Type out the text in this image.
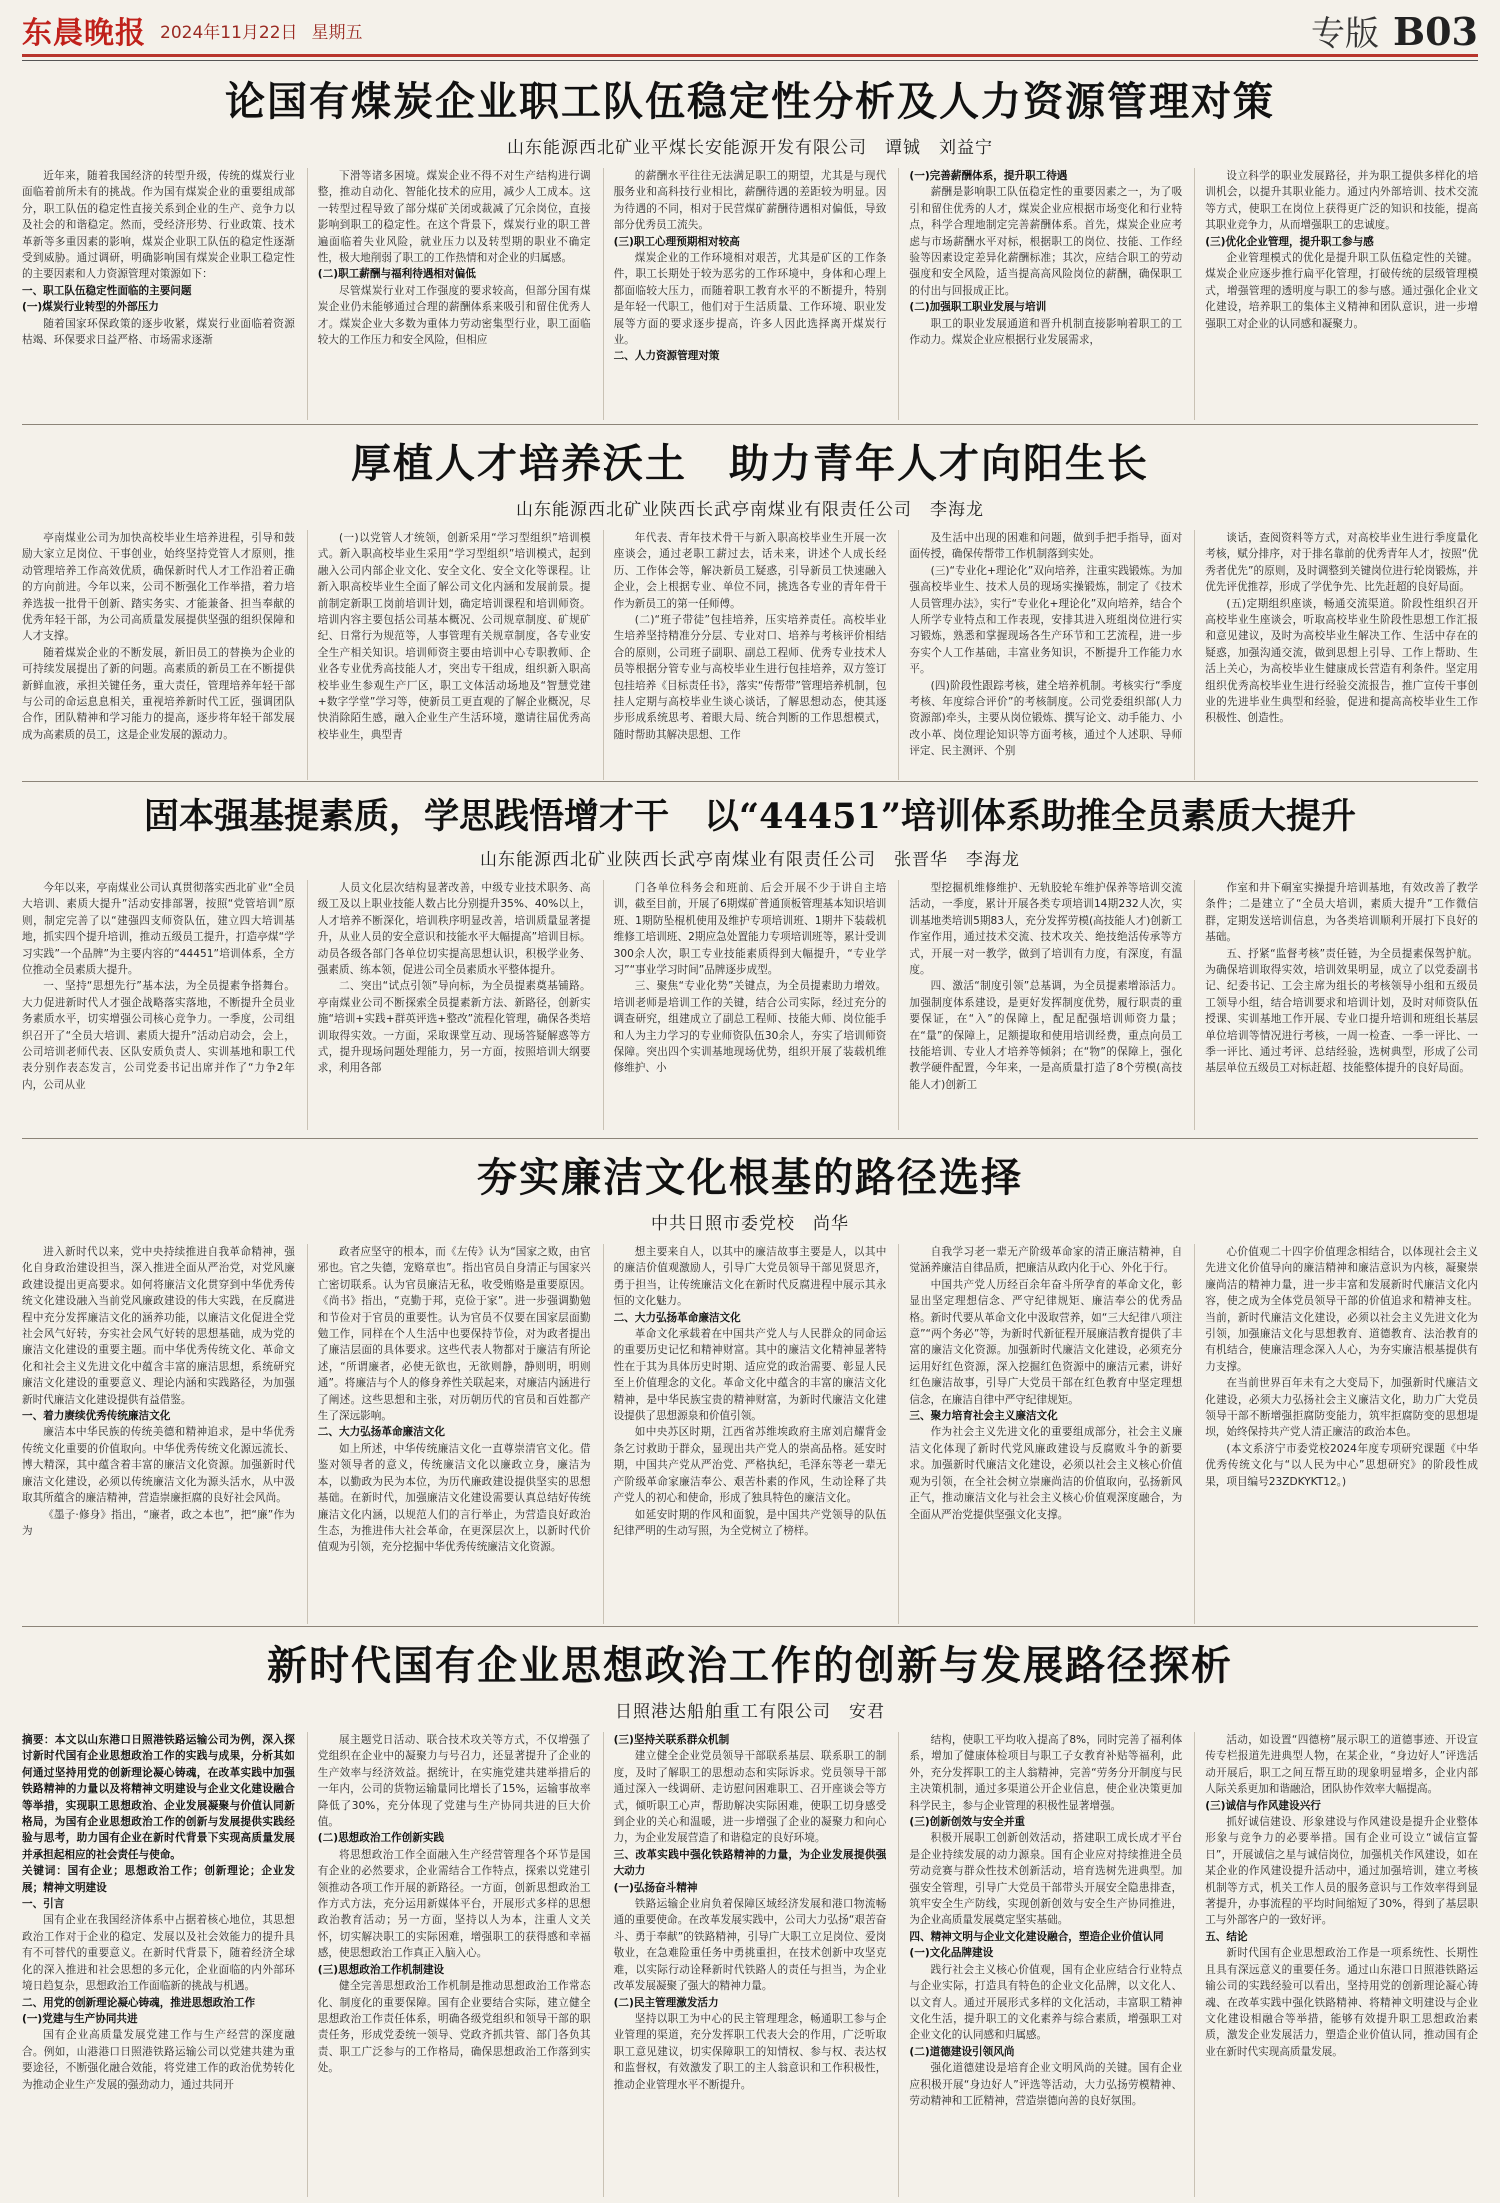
东晨晚报 2024年11月22日 星期五	专版 B03
论国有煤炭企业职工队伍稳定性分析及人力资源管理对策
山东能源西北矿业平煤长安能源开发有限公司　谭铖　刘益宁

近年来，随着我国经济的转型升级，传统的煤炭行业面临着前所未有的挑战。作为国有煤炭企业的重要组成部分，职工队伍的稳定性直接关系到企业的生产、竞争力以及社会的和谐稳定。然而，受经济形势、行业政策、技术革新等多重因素的影响，煤炭企业职工队伍的稳定性逐渐受到威胁。通过调研，明确影响国有煤炭企业职工稳定性的主要因素和人力资源管理对策源如下：

一、职工队伍稳定性面临的主要问题

(一)煤炭行业转型的外部压力

随着国家环保政策的逐步收紧，煤炭行业面临着资源枯竭、环保要求日益严格、市场需求逐渐

下滑等诸多困境。煤炭企业不得不对生产结构进行调整，推动自动化、智能化技术的应用，减少人工成本。这一转型过程导致了部分煤矿关闭或裁减了冗余岗位，直接影响到职工的稳定性。在这个背景下，煤炭行业的职工普遍面临着失业风险，就业压力以及转型期的职业不确定性，极大地削弱了职工的工作热情和对企业的归属感。

(二)职工薪酬与福利待遇相对偏低

尽管煤炭行业对工作强度的要求较高，但部分国有煤炭企业仍未能够通过合理的薪酬体系来吸引和留住优秀人才。煤炭企业大多数为重体力劳动密集型行业，职工面临较大的工作压力和安全风险，但相应

的薪酬水平往往无法满足职工的期望，尤其是与现代服务业和高科技行业相比，薪酬待遇的差距较为明显。因为待遇的不同，相对于民营煤矿薪酬待遇相对偏低，导致部分优秀员工流失。

(三)职工心理预期相对较高

煤炭企业的工作环境相对艰苦，尤其是矿区的工作条件，职工长期处于较为恶劣的工作环境中，身体和心理上都面临较大压力，而随着职工教育水平的不断提升，特别是年轻一代职工，他们对于生活质量、工作环境、职业发展等方面的要求逐步提高，许多人因此选择离开煤炭行业。

二、人力资源管理对策

(一)完善薪酬体系，提升职工待遇

薪酬是影响职工队伍稳定性的重要因素之一，为了吸引和留住优秀的人才，煤炭企业应根据市场变化和行业特点，科学合理地制定完善薪酬体系。首先，煤炭企业应考虑与市场薪酬水平对标，根据职工的岗位、技能、工作经验等因素设定差异化薪酬标准；其次，应结合职工的劳动强度和安全风险，适当提高高风险岗位的薪酬，确保职工的付出与回报成正比。

(二)加强职工职业发展与培训

职工的职业发展通道和晋升机制直接影响着职工的工作动力。煤炭企业应根据行业发展需求，

设立科学的职业发展路径，并为职工提供多样化的培训机会，以提升其职业能力。通过内外部培训、技术交流等方式，使职工在岗位上获得更广泛的知识和技能，提高其职业竞争力，从而增强职工的忠诚度。

(三)优化企业管理，提升职工参与感

企业管理模式的优化是提升职工队伍稳定性的关键。煤炭企业应逐步推行扁平化管理，打破传统的层级管理模式，增强管理的透明度与职工的参与感。通过强化企业文化建设，培养职工的集体主义精神和团队意识，进一步增强职工对企业的认同感和凝聚力。

厚植人才培养沃土　助力青年人才向阳生长
山东能源西北矿业陕西长武亭南煤业有限责任公司　李海龙

亭南煤业公司为加快高校毕业生培养进程，引导和鼓励大家立足岗位、干事创业，始终坚持党管人才原则，推动管理培养工作高效优质，确保新时代人才工作沿着正确的方向前进。今年以来，公司不断强化工作举措，着力培养选拔一批骨干创新、踏实务实、才能兼备、担当奉献的优秀年轻干部，为公司高质量发展提供坚强的组织保障和人才支撑。

随着煤炭企业的不断发展，新旧员工的替换为企业的可持续发展提出了新的问题。高素质的新员工在不断提供新鲜血液，承担关键任务，重大责任，管理培养年轻干部与公司的命运息息相关，重视培养新时代工匠，强调团队合作，团队精神和学习能力的提高，逐步将年轻干部发展成为高素质的员工，这是企业发展的源动力。

(一)以党管人才统领，创新采用“学习型组织”培训模式。新入职高校毕业生采用“学习型组织”培训模式，起到融入公司内部企业文化、安全文化、安全文化等课程。让新入职高校毕业生全面了解公司文化内涵和发展前景。提前制定新职工岗前培训计划，确定培训课程和培训师资。培训内容主要包括公司基本概况、公司规章制度、矿规矿纪、日常行为规范等，人事管理有关规章制度，各专业安全生产相关知识。培训师资主要由培训中心专职教师、企业各专业优秀高技能人才，突出专干组成，组织新入职高校毕业生参观生产厂区，职工文体活动场地及“智慧党建+数字学堂”学习等，使新员工更直观的了解企业概况，尽快消除陌生感，融入企业生产生活环境，邀请往届优秀高校毕业生，典型青

年代表、青年技术骨干与新入职高校毕业生开展一次座谈会，通过老职工薪过去，话未来，讲述个人成长经历、工作体会等，解决新员工疑惑，引导新员工快速融入企业，会上根据专业、单位不同，挑选各专业的青年骨干作为新员工的第一任师傅。

(二)“班子带徒”包挂培养，压实培养责任。高校毕业生培养坚持精准分分层、专业对口、培养与考核评价相结合的原则，公司班子副职、副总工程师、优秀专业技术人员等根据分管专业与高校毕业生进行包挂培养，双方签订包挂培养《目标责任书》，落实“传帮带”管理培养机制，包挂人定期与高校毕业生谈心谈话，了解思想动态，使其逐步形成系统思考、着眼大局、统合判断的工作思想模式，随时帮助其解决思想、工作

及生活中出现的困难和问题，做到手把手指导，面对面传授，确保传帮带工作机制落到实处。

(三)“专业化+理论化”双向培养，注重实践锻炼。为加强高校毕业生、技术人员的现场实操锻炼，制定了《技术人员管理办法》，实行“专业化+理论化”双向培养，结合个人所学专业特点和工作表现，安排其进入班组岗位进行实习锻炼，熟悉和掌握现场各生产环节和工艺流程，进一步夯实个人工作基础，丰富业务知识，不断提升工作能力水平。

(四)阶段性跟踪考核，建全培养机制。考核实行“季度考核、年度综合评价”的考核制度。公司党委组织部(人力资源部)牵头，主要从岗位锻炼、撰写论文、动手能力、小改小革、岗位理论知识等方面考核，通过个人述职、导师评定、民主测评、个别

谈话，查阅资料等方式，对高校毕业生进行季度量化考核，赋分排序，对于排名靠前的优秀青年人才，按照“优秀者优先”的原则，及时调整到关键岗位进行轮岗锻炼，并优先评优推荐，形成了学优争先、比先赶超的良好局面。

(五)定期组织座谈，畅通交流渠道。阶段性组织召开高校毕业生座谈会，听取高校毕业生阶段性思想工作汇报和意见建议，及时为高校毕业生解决工作、生活中存在的疑惑，加强沟通交流，做到思想上引导、工作上帮助、生活上关心，为高校毕业生健康成长营造有利条件。坚定用组织优秀高校毕业生进行经验交流报告，推广宣传干事创业的先进毕业生典型和经验，促进和提高高校毕业生工作积极性、创造性。

固本强基提素质，学思践悟增才干　以“44451”培训体系助推全员素质大提升
山东能源西北矿业陕西长武亭南煤业有限责任公司　张晋华　李海龙

今年以来，亭南煤业公司认真贯彻落实西北矿业“全员大培训、素质大提升”活动安排部署，按照“党管培训”原则，制定完善了以“建强四支师资队伍，建立四大培训基地，抓实四个提升培训，推动五级员工提升，打造亭煤“学习实践”一个品牌”为主要内容的“44451”培训体系，全方位推动全员素质大提升。

一、坚持“思想先行”基本法，为全员提素争搭舞台。大力促进新时代人才强企战略落实落地，不断提升全员业务素质水平，切实增强公司核心竞争力。一季度，公司组织召开了“全员大培训、素质大提升”活动启动会，会上，公司培训老师代表、区队安质负责人、实训基地和职工代表分别作表态发言，公司党委书记出席并作了“力争2年内，公司从业

人员文化层次结构显著改善，中级专业技术职务、高级工及以上职业技能人数占比分别提升35%、40%以上，人才培养不断深化，培训秩序明显改善，培训质量显著提升，从业人员的安全意识和技能水平大幅提高”培训目标。动员各级各部门各单位切实提高思想认识，积极学业务、强素质、练本领，促进公司全员素质水平整体提升。

二、突出“试点引领”导向标，为全员提素奠基铺路。亭南煤业公司不断探索全员提素新方法、新路径，创新实施“培训+实践+群英评选+整改”流程化管理，确保各类培训取得实效。一方面，采取课堂互动、现场答疑解惑等方式，提升现场问题处理能力，另一方面，按照培训大纲要求，利用各部

门各单位科务会和班前、后会开展不少于讲自主培训，截至目前，开展了6期煤矿普通顶板管理基本知识培训班、1期防坠棍机使用及维护专项培训班、1期井下装载机维修工培训班、2期应急处置能力专项培训班等，累计受训300余人次，职工专业技能素质得到大幅提升，“专业学习”“事业学习时间”品牌逐步成型。

三、聚焦“专业化势”关键点，为全员提素助力增效。培训老师是培训工作的关键，结合公司实际，经过充分的调查研究，组建成立了副总工程师、技能大师、岗位能手和人为主力学习的专业师资队伍30余人，夯实了培训师资保障。突出四个实训基地现场优势，组织开展了装载机维修维护、小

型挖掘机维修维护、无轨胶轮车维护保养等培训交流活动，一季度，累计开展各类专项培训14期232人次，实训基地类培训5期83人，充分发挥劳模(高技能人才)创新工作室作用，通过技术交流、技术攻关、绝技绝活传承等方式，开展一对一教学，做到了培训有力度，有深度，有温度。

四、激活“制度引领”总基调，为全员提素增添活力。加强制度体系建设，是更好发挥制度优势，履行职责的重要保证，在“入”的保障上，配足配强培训师资力量；在“量”的保障上，足额提取和使用培训经费，重点向员工技能培训、专业人才培养等倾斜；在“物”的保障上，强化教学硬件配置，今年来，一是高质量打造了8个劳模(高技能人才)创新工

作室和井下硐室实操提升培训基地，有效改善了教学条件；二是建立了“全员大培训，素质大提升”工作微信群，定期发送培训信息，为各类培训顺利开展打下良好的基础。

五、抒紧“监督考核”责任链，为全员提素保驾护航。为确保培训取得实效，培训效果明显，成立了以党委副书记、纪委书记、工会主席为组长的考核领导小组和五级员工领导小组，结合培训要求和培训计划，及时对师资队伍授课、实训基地工作开展、专业口提升培训和班组长基层单位培训等情况进行考核，一周一检查、一季一评比、一季一评比、通过考评、总结经验，选树典型，形成了公司基层单位五级员工对标赶超、技能整体提升的良好局面。

夯实廉洁文化根基的路径选择
中共日照市委党校　尚华

进入新时代以来，党中央持续推进自我革命精神，强化自身政治建设担当，深入推进全面从严治党，对党风廉政建设提出更高要求。如何将廉洁文化贯穿到中华优秀传统文化建设融入当前党风廉政建设的伟大实践，在反腐进程中充分发挥廉洁文化的涵养功能，以廉洁文化促进全党社会风气好转，夯实社会风气好转的思想基础，成为党的廉洁文化建设的重要主题。而中华优秀传统文化、革命文化和社会主义先进文化中蕴含丰富的廉洁思想，系统研究廉洁文化建设的重要意义、理论内涵和实践路径，为加强新时代廉洁文化建设提供有益借鉴。

一、着力赓续优秀传统廉洁文化

廉洁本中华民族的传统美德和精神追求，是中华优秀传统文化重要的价值取向。中华优秀传统文化源远流长、博大精深，其中蕴含着丰富的廉洁文化资源。加强新时代廉洁文化建设，必须以传统廉洁文化为源头活水，从中汲取其所蕴含的廉洁精神，营造崇廉拒腐的良好社会风尚。

《墨子·修身》指出，“廉者，政之本也”，把“廉”作为为

政者应坚守的根本，而《左传》认为“国家之败，由官邪也。官之失德，宠赂章也”。指出官员自身清正与国家兴亡密切联系。认为官员廉洁无私，收受贿赂是重要原因。《尚书》指出，“克勤于邦，克俭于家”。进一步强调勤勉和节俭对于官员的重要性。认为官员不仅要在国家层面勤勉工作，同样在个人生活中也要保持节俭，对为政者提出了廉洁层面的具体要求。这些代表人物都对于廉洁有所论述，“所谓廉者，必使无欲也，无欲则静，静则明，明则通”。将廉洁与个人的修身养性关联起来，对廉洁内涵进行了阐述。这些思想和主张，对历朝历代的官员和百姓都产生了深远影响。

二、大力弘扬革命廉洁文化

如上所述，中华传统廉洁文化一直尊崇清官文化。借鉴对领导者的意义，传统廉洁文化以廉政立身，廉洁为本，以勤政为民为本位，为历代廉政建设提供坚实的思想基础。在新时代，加强廉洁文化建设需要认真总结好传统廉洁文化内涵，以规范人们的言行举止，为营造良好政治生态，为推进伟大社会革命，在更深层次上，以新时代价值观为引领，充分挖掘中华优秀传统廉洁文化资源。

想主要来自人，以其中的廉洁故事主要是人，以其中的廉洁价值观激励人，引导广大党员领导干部见贤思齐，勇于担当，让传统廉洁文化在新时代反腐进程中展示其永恒的文化魅力。

二、大力弘扬革命廉洁文化

革命文化承载着在中国共产党人与人民群众的同命运的重要历史记忆和精神财富。其中的廉洁文化精神显著特性在于其为具体历史时期、适应党的政治需要、彰显人民至上价值理念的文化。革命文化中蕴含的丰富的廉洁文化精神，是中华民族宝贵的精神财富，为新时代廉洁文化建设提供了思想源泉和价值引领。

如中央苏区时期，江西省苏维埃政府主席刘启耀背金条乞讨救助于群众，显现出共产党人的崇高品格。延安时期，中国共产党从严治党、严格执纪，毛泽东等老一辈无产阶级革命家廉洁奉公、艰苦朴素的作风，生动诠释了共产党人的初心和使命，形成了独具特色的廉洁文化。

如延安时期的作风和面貌，是中国共产党领导的队伍纪律严明的生动写照，为全党树立了榜样。

自我学习老一辈无产阶级革命家的清正廉洁精神，自觉涵养廉洁自律品质，把廉洁从政内化于心、外化于行。

中国共产党人历经百余年奋斗所孕育的革命文化，彰显出坚定理想信念、严守纪律规矩、廉洁奉公的优秀品格。新时代要从革命文化中汲取营养，如“三大纪律八项注意”“两个务必”等，为新时代新征程开展廉洁教育提供了丰富的廉洁文化资源。加强新时代廉洁文化建设，必须充分运用好红色资源，深入挖掘红色资源中的廉洁元素，讲好红色廉洁故事，引导广大党员干部在红色教育中坚定理想信念，在廉洁自律中严守纪律规矩。

三、聚力培育社会主义廉洁文化

作为社会主义先进文化的重要组成部分，社会主义廉洁文化体现了新时代党风廉政建设与反腐败斗争的新要求。加强新时代廉洁文化建设，必须以社会主义核心价值观为引领，在全社会树立崇廉尚洁的价值取向，弘扬新风正气，推动廉洁文化与社会主义核心价值观深度融合，为全面从严治党提供坚强文化支撑。

心价值观二十四字价值理念相结合，以体现社会主义先进文化价值导向的廉洁精神和廉洁意识为内核，凝聚崇廉尚洁的精神力量，进一步丰富和发展新时代廉洁文化内容，使之成为全体党员领导干部的价值追求和精神支柱。当前，新时代廉洁文化建设，必须以社会主义先进文化为引领，加强廉洁文化与思想教育、道德教育、法治教育的有机结合，使廉洁理念深入人心，为夯实廉洁根基提供有力支撑。

在当前世界百年未有之大变局下，加强新时代廉洁文化建设，必须大力弘扬社会主义廉洁文化，助力广大党员领导干部不断增强拒腐防变能力，筑牢拒腐防变的思想堤坝，始终保持共产党人清正廉洁的政治本色。

(本文系济宁市委党校2024年度专项研究课题《中华优秀传统文化与“以人民为中心”思想研究》的阶段性成果，项目编号23ZDKYKT12。)

新时代国有企业思想政治工作的创新与发展路径探析
日照港达船舶重工有限公司　安君

摘要：本文以山东港口日照港铁路运输公司为例，深入探讨新时代国有企业思想政治工作的实践与成果，分析其如何通过坚持用党的创新理论凝心铸魂，在改革实践中加强铁路精神的力量以及将精神文明建设与企业文化建设融合等举措，实现职工思想政治、企业发展凝聚与价值认同新格局，为国有企业思想政治工作的创新与发展提供实践经验与思考，助力国有企业在新时代背景下实现高质量发展并承担起相应的社会责任与使命。

关键词：国有企业；思想政治工作；创新理论；企业发展；精神文明建设

一、引言

国有企业在我国经济体系中占据着核心地位，其思想政治工作对于企业的稳定、发展以及社会效能力的提升具有不可替代的重要意义。在新时代背景下，随着经济全球化的深入推进和社会思想的多元化，企业面临的内外部环境日趋复杂，思想政治工作面临新的挑战与机遇。

二、用党的创新理论凝心铸魂，推进思想政治工作

(一)党建与生产协同共进

国有企业高质量发展党建工作与生产经营的深度融合。例如，山港港口日照港铁路运输公司以党建共建为重要途径，不断强化融合效能，将党建工作的政治优势转化为推动企业生产发展的强劲动力，通过共同开

展主题党日活动、联合技术攻关等方式，不仅增强了党组织在企业中的凝聚力与号召力，还显著提升了企业的生产效率与经济效益。据统计，在实施党建共建举措后的一年内，公司的货物运输量同比增长了15%，运输事故率降低了30%，充分体现了党建与生产协同共进的巨大价值。

(二)思想政治工作创新实践

将思想政治工作全面融入生产经营管理各个环节是国有企业的必然要求，企业需结合工作特点，探索以党建引领推动各项工作开展的新路径。一方面，创新思想政治工作方式方法，充分运用新媒体平台，开展形式多样的思想政治教育活动；另一方面，坚持以人为本，注重人文关怀，切实解决职工的实际困难，增强职工的获得感和幸福感，使思想政治工作真正入脑入心。

(三)思想政治工作机制建设

健全完善思想政治工作机制是推动思想政治工作常态化、制度化的重要保障。国有企业要结合实际，建立健全思想政治工作责任体系，明确各级党组织和领导干部的职责任务，形成党委统一领导、党政齐抓共管、部门各负其责、职工广泛参与的工作格局，确保思想政治工作落到实处。

(三)坚持关联系群众机制

建立健全企业党员领导干部联系基层、联系职工的制度，及时了解职工的思想动态和实际诉求。党员领导干部通过深入一线调研、走访慰问困难职工、召开座谈会等方式，倾听职工心声，帮助解决实际困难，使职工切身感受到企业的关心和温暖，进一步增强了企业的凝聚力和向心力，为企业发展营造了和谐稳定的良好环境。

三、改革实践中强化铁路精神的力量，为企业发展提供强大动力

(一)弘扬奋斗精神

铁路运输企业肩负着保障区域经济发展和港口物流畅通的重要使命。在改革发展实践中，公司大力弘扬“艰苦奋斗、勇于奉献”的铁路精神，引导广大职工立足岗位、爱岗敬业，在急难险重任务中勇挑重担，在技术创新中攻坚克难，以实际行动诠释新时代铁路人的责任与担当，为企业改革发展凝聚了强大的精神力量。

(二)民主管理激发活力

坚持以职工为中心的民主管理理念，畅通职工参与企业管理的渠道，充分发挥职工代表大会的作用，广泛听取职工意见建议，切实保障职工的知情权、参与权、表达权和监督权，有效激发了职工的主人翁意识和工作积极性，推动企业管理水平不断提升。

结构，使职工平均收入提高了8%，同时完善了福利体系，增加了健康体检项目与职工子女教育补贴等福利，此外，充分发挥职工的主人翁精神，完善“劳务分开制度与民主决策机制，通过多渠道公开企业信息，使企业决策更加科学民主，参与企业管理的积极性显著增强。

(三)创新创效与安全并重

积极开展职工创新创效活动，搭建职工成长成才平台是企业持续发展的动力源泉。国有企业应对持续推进全员劳动竞赛与群众性技术创新活动，培育选树先进典型。加强安全管理，引导广大党员干部带头开展安全隐患排查，筑牢安全生产防线，实现创新创效与安全生产协同推进，为企业高质量发展奠定坚实基础。

四、精神文明与企业文化建设融合，塑造企业价值认同

(一)文化品牌建设

践行社会主义核心价值观，国有企业应结合行业特点与企业实际，打造具有特色的企业文化品牌，以文化人、以文育人。通过开展形式多样的文化活动，丰富职工精神文化生活，提升职工的文化素养与综合素质，增强职工对企业文化的认同感和归属感。

(二)道德建设引领风尚

强化道德建设是培育企业文明风尚的关键。国有企业应积极开展“身边好人”评选等活动，大力弘扬劳模精神、劳动精神和工匠精神，营造崇德向善的良好氛围。

活动，如设置“四德榜”展示职工的道德事迹、开设宣传专栏报道先进典型人物，在某企业，“身边好人”评选活动开展后，职工之间互帮互助的现象明显增多，企业内部人际关系更加和谐融洽，团队协作效率大幅提高。

(三)诚信与作风建设兴行

抓好诚信建设、形象建设与作风建设是提升企业整体形象与竞争力的必要举措。国有企业可设立“诚信宣誓日”，开展诚信之星与诚信岗位，加强机关作风建设，如在某企业的作风建设提升活动中，通过加强培训，建立考核机制等方式，机关工作人员的服务意识与工作效率得到显著提升，办事流程的平均时间缩短了30%，得到了基层职工与外部客户的一致好评。

五、结论

新时代国有企业思想政治工作是一项系统性、长期性且具有深远意义的重要任务。通过山东港口日照港铁路运输公司的实践经验可以看出，坚持用党的创新理论凝心铸魂、在改革实践中强化铁路精神、将精神文明建设与企业文化建设相融合等举措，能够有效提升职工思想政治素质，激发企业发展活力，塑造企业价值认同，推动国有企业在新时代实现高质量发展。
